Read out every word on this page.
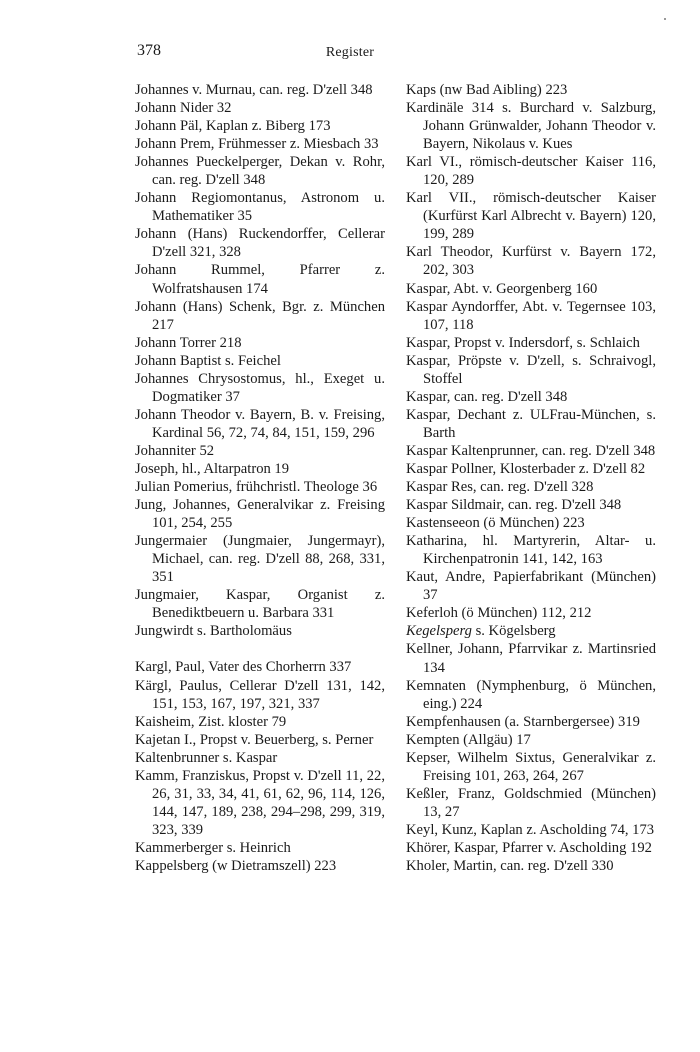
378	Register

Johannes v. Murnau, can. reg. D'zell 348

Johann Nider 32

Johann Päl, Kaplan z. Biberg 173

Johann Prem, Frühmesser z. Miesbach 33

Johannes Pueckelperger, Dekan v. Rohr, can. reg. D'zell 348

Johann Regiomontanus, Astronom u. Mathematiker 35

Johann (Hans) Ruckendorffer, Cellerar D'zell 321, 328

Johann Rummel, Pfarrer z. Wolfratshausen 174

Johann (Hans) Schenk, Bgr. z. München 217

Johann Torrer 218

Johann Baptist s. Feichel

Johannes Chrysostomus, hl., Exeget u. Dogmatiker 37

Johann Theodor v. Bayern, B. v. Freising, Kardinal 56, 72, 74, 84, 151, 159, 296

Johanniter 52

Joseph, hl., Altarpatron 19

Julian Pomerius, frühchristl. Theologe 36

Jung, Johannes, Generalvikar z. Freising 101, 254, 255

Jungermaier (Jungmaier, Jungermayr), Michael, can. reg. D'zell 88, 268, 331, 351

Jungmaier, Kaspar, Organist z. Benediktbeuern u. Barbara 331

Jungwirdt s. Bartholomäus

Kargl, Paul, Vater des Chorherrn 337

Kärgl, Paulus, Cellerar D'zell 131, 142, 151, 153, 167, 197, 321, 337

Kaisheim, Zist. kloster 79

Kajetan I., Propst v. Beuerberg, s. Perner

Kaltenbrunner s. Kaspar

Kamm, Franziskus, Propst v. D'zell 11, 22, 26, 31, 33, 34, 41, 61, 62, 96, 114, 126, 144, 147, 189, 238, 294–298, 299, 319, 323, 339

Kammerberger s. Heinrich

Kappelsberg (w Dietramszell) 223

Kaps (nw Bad Aibling) 223

Kardinäle 314 s. Burchard v. Salzburg, Johann Grünwalder, Johann Theodor v. Bayern, Nikolaus v. Kues

Karl VI., römisch-deutscher Kaiser 116, 120, 289

Karl VII., römisch-deutscher Kaiser (Kurfürst Karl Albrecht v. Bayern) 120, 199, 289

Karl Theodor, Kurfürst v. Bayern 172, 202, 303

Kaspar, Abt. v. Georgenberg 160

Kaspar Ayndorffer, Abt. v. Tegernsee 103, 107, 118

Kaspar, Propst v. Indersdorf, s. Schlaich

Kaspar, Pröpste v. D'zell, s. Schraivogl, Stoffel

Kaspar, can. reg. D'zell 348

Kaspar, Dechant z. ULFrau-München, s. Barth

Kaspar Kaltenprunner, can. reg. D'zell 348

Kaspar Pollner, Klosterbader z. D'zell 82

Kaspar Res, can. reg. D'zell 328

Kaspar Sildmair, can. reg. D'zell 348

Kastenseeon (ö München) 223

Katharina, hl. Martyrerin, Altar- u. Kirchenpatronin 141, 142, 163

Kaut, Andre, Papierfabrikant (München) 37

Keferloh (ö München) 112, 212

Kegelsperg s. Kögelsberg

Kellner, Johann, Pfarrvikar z. Martinsried 134

Kemnaten (Nymphenburg, ö München, eing.) 224

Kempfenhausen (a. Starnbergersee) 319

Kempten (Allgäu) 17

Kepser, Wilhelm Sixtus, Generalvikar z. Freising 101, 263, 264, 267

Keßler, Franz, Goldschmied (München) 13, 27

Keyl, Kunz, Kaplan z. Ascholding 74, 173

Khörer, Kaspar, Pfarrer v. Ascholding 192

Kholer, Martin, can. reg. D'zell 330
